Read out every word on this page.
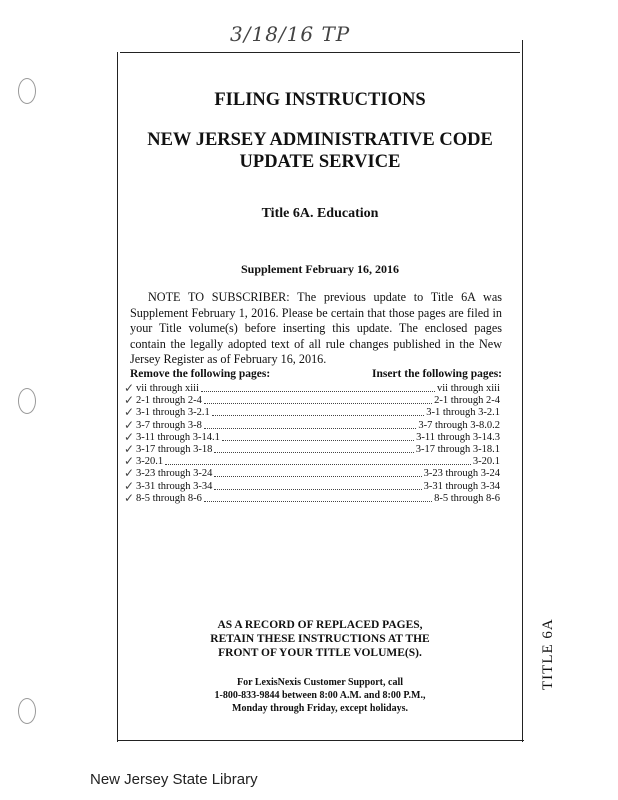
3/18/16 TP
FILING INSTRUCTIONS
NEW JERSEY ADMINISTRATIVE CODE
UPDATE SERVICE
Title 6A. Education
Supplement February 16, 2016
NOTE TO SUBSCRIBER: The previous update to Title 6A was Supplement February 1, 2016. Please be certain that those pages are filed in your Title volume(s) before inserting this update. The enclosed pages contain the legally adopted text of all rule changes published in the New Jersey Register as of February 16, 2016.
Remove the following pages:	Insert the following pages:
vii through xiii	vii through xiii
✓
2-1 through 2-4	2-1 through 2-4
✓
3-1 through 3-2.1	3-1 through 3-2.1
✓
3-7 through 3-8	3-7 through 3-8.0.2
✓
3-11 through 3-14.1	3-11 through 3-14.3
✓
3-17 through 3-18	3-17 through 3-18.1
✓
3-20.1	3-20.1
✓
3-23 through 3-24	3-23 through 3-24
✓
3-31 through 3-34	3-31 through 3-34
✓
8-5 through 8-6	8-5 through 8-6
✓
AS A RECORD OF REPLACED PAGES,
RETAIN THESE INSTRUCTIONS AT THE
FRONT OF YOUR TITLE VOLUME(S).
For LexisNexis Customer Support, call
1-800-833-9844 between 8:00 A.M. and 8:00 P.M.,
Monday through Friday, except holidays.
TITLE 6A
New Jersey State Library
